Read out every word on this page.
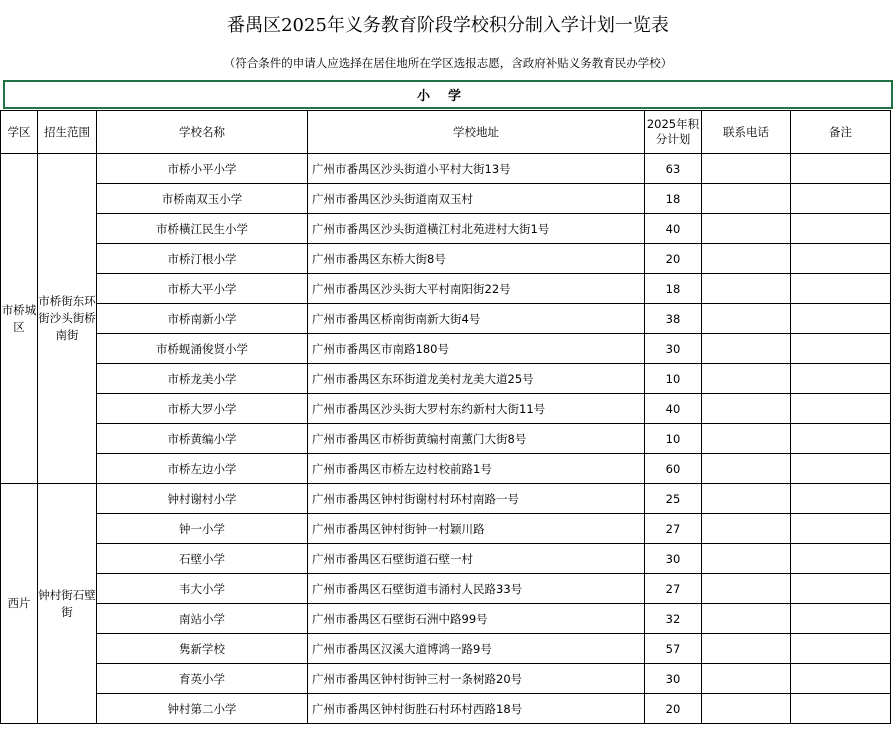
番禺区2025年义务教育阶段学校积分制入学计划一览表
（符合条件的申请人应选择在居住地所在学区选报志愿，含政府补贴义务教育民办学校）
小学
学区	招生范围	学校名称	学校地址	2025年积分计划	联系电话	备注
市桥城区	市桥街东环街沙头街桥南街	市桥小平小学	广州市番禺区沙头街道小平村大街13号	63		
		市桥南双玉小学	广州市番禺区沙头街道南双玉村	18		
		市桥橫江民生小学	广州市番禺区沙头街道橫江村北苑进村大街1号	40		
		市桥汀根小学	广州市番禺区东桥大街8号	20		
		市桥大平小学	广州市番禺区沙头街大平村南阳街22号	18		
		市桥南新小学	广州市番禺区桥南街南新大街4号	38		
		市桥蚬涌俊贤小学	广州市番禺区市南路180号	30		
		市桥龙美小学	广州市番禺区东环街道龙美村龙美大道25号	10		
		市桥大罗小学	广州市番禺区沙头街大罗村东约新村大街11号	40		
		市桥黄编小学	广州市番禺区市桥街黄编村南薰门大街8号	10		
		市桥左边小学	广州市番禺区市桥左边村校前路1号	60		
西片	钟村街石壁街	钟村谢村小学	广州市番禺区钟村街谢村村环村南路一号	25		
		钟一小学	广州市番禺区钟村街钟一村颖川路	27		
		石壁小学	广州市番禺区石壁街道石壁一村	30		
		韦大小学	广州市番禺区石壁街道韦涌村人民路33号	27		
		南站小学	广州市番禺区石壁街石洲中路99号	32		
		隽新学校	广州市番禺区汉溪大道博鸿一路9号	57		
		育英小学	广州市番禺区钟村街钟三村一条树路20号	30		
		钟村第二小学	广州市番禺区钟村街胜石村环村西路18号	20		
